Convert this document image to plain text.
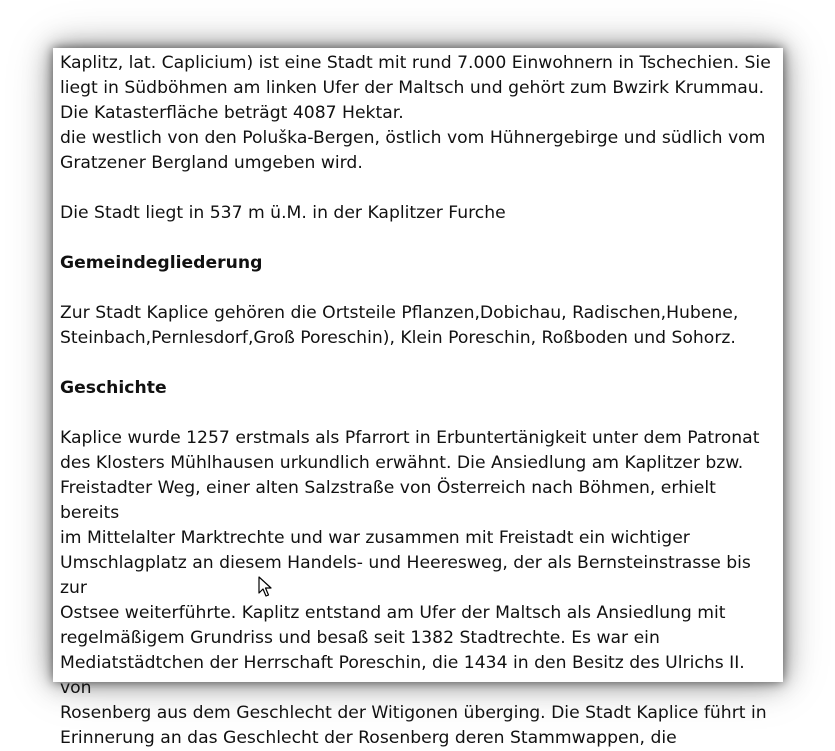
Kaplitz, lat. Caplicium) ist eine Stadt mit rund 7.000 Einwohnern in Tschechien. Sie

liegt in Südböhmen am linken Ufer der Maltsch und gehört zum Bwzirk Krummau.

Die Katasterfläche beträgt 4087 Hektar.

die westlich von den Poluška-Bergen, östlich vom Hühnergebirge und südlich vom

Gratzener Bergland umgeben wird.

Die Stadt liegt in 537 m ü.M. in der Kaplitzer Furche

Gemeindegliederung

Zur Stadt Kaplice gehören die Ortsteile Pflanzen,Dobichau, Radischen,Hubene,

Steinbach,Pernlesdorf,Groß Poreschin), Klein Poreschin, Roßboden und Sohorz.

Geschichte

Kaplice wurde 1257 erstmals als Pfarrort in Erbuntertänigkeit unter dem Patronat

des Klosters Mühlhausen urkundlich erwähnt. Die Ansiedlung am Kaplitzer bzw.

Freistadter Weg, einer alten Salzstraße von Österreich nach Böhmen, erhielt bereits

im Mittelalter Marktrechte und war zusammen mit Freistadt ein wichtiger

Umschlagplatz an diesem Handels- und Heeresweg, der als Bernsteinstrasse bis zur

Ostsee weiterführte. Kaplitz entstand am Ufer der Maltsch als Ansiedlung mit

regelmäßigem Grundriss und besaß seit 1382 Stadtrechte. Es war ein

Mediatstädtchen der Herrschaft Poreschin, die 1434 in den Besitz des Ulrichs II. von

Rosenberg aus dem Geschlecht der Witigonen überging. Die Stadt Kaplice führt in

Erinnerung an das Geschlecht der Rosenberg deren Stammwappen, die
